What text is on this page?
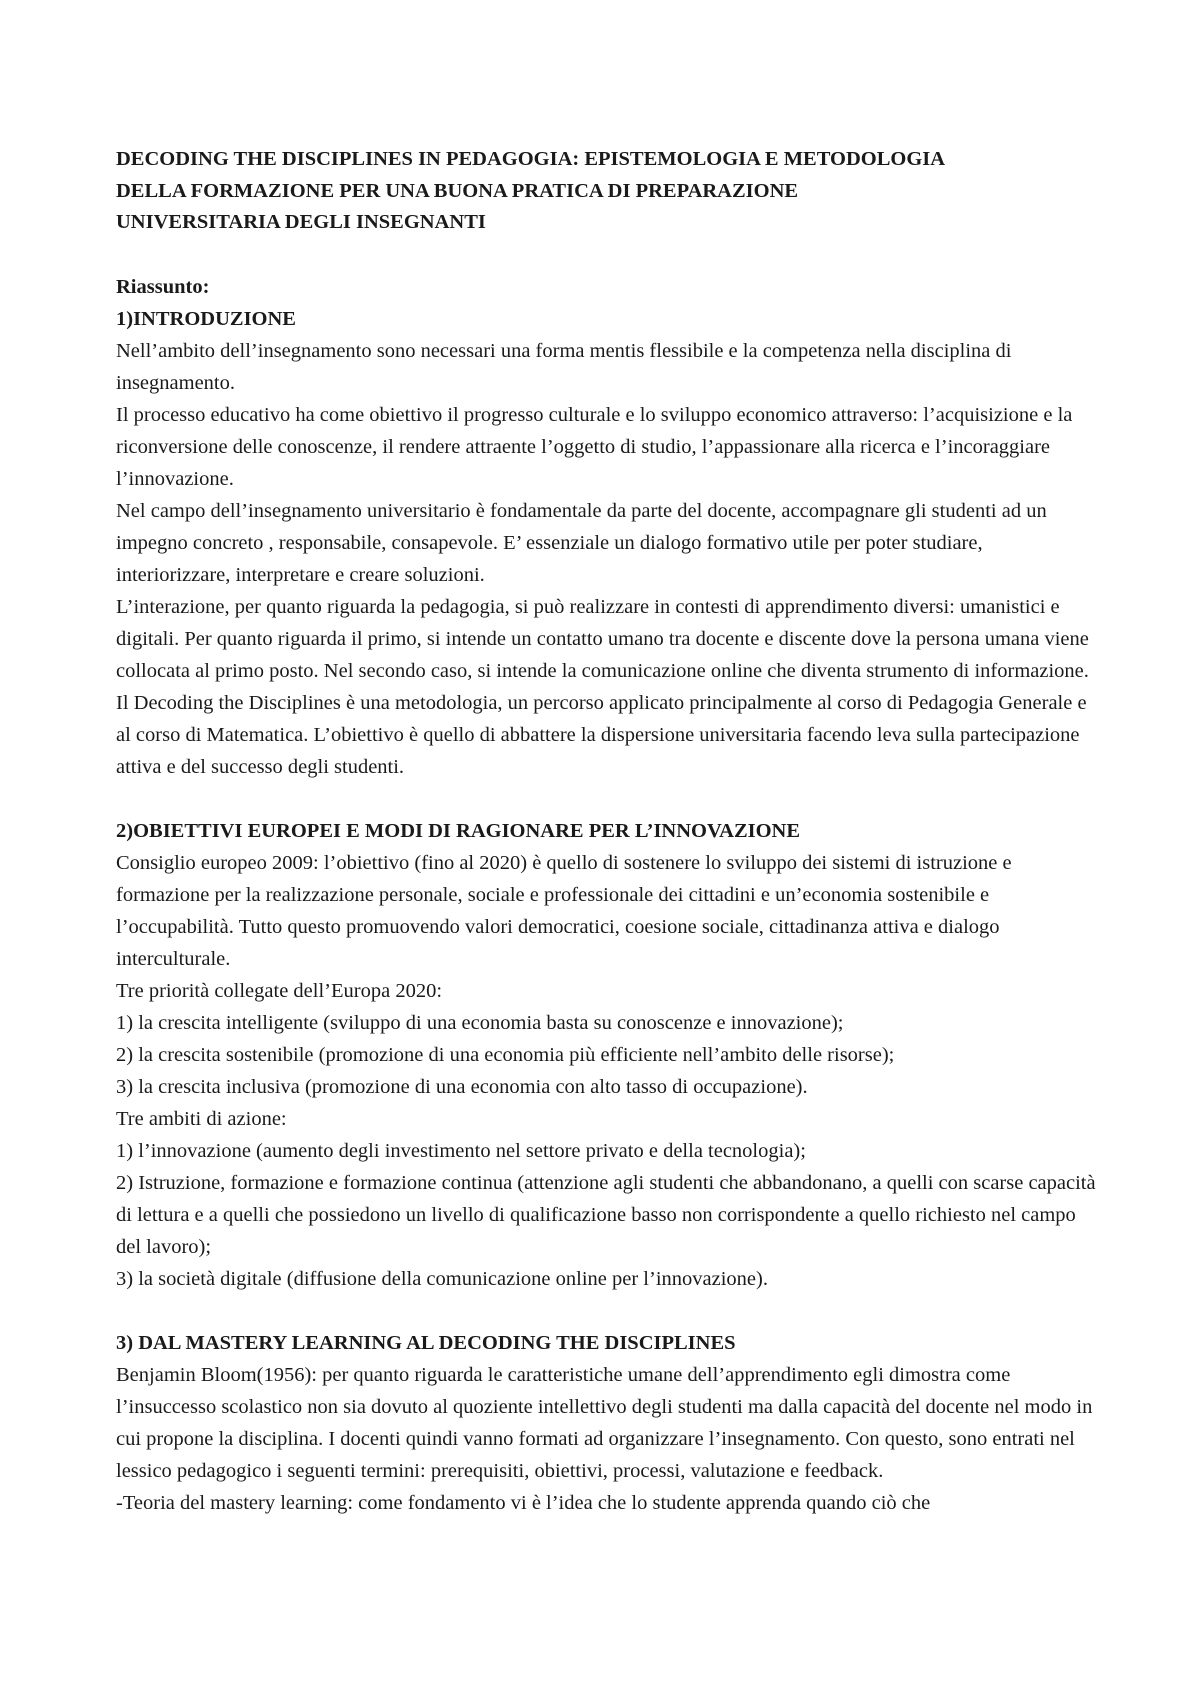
DECODING THE DISCIPLINES IN PEDAGOGIA: EPISTEMOLOGIA E METODOLOGIA DELLA FORMAZIONE PER UNA BUONA PRATICA DI PREPARAZIONE UNIVERSITARIA DEGLI INSEGNANTI

Riassunto:

1)INTRODUZIONE

Nell’ambito dell’insegnamento sono necessari una forma mentis flessibile e la competenza nella disciplina di insegnamento.

Il processo educativo ha come obiettivo il progresso culturale e lo sviluppo economico attraverso: l’acquisizione e la riconversione delle conoscenze, il rendere attraente l’oggetto di studio, l’appassionare alla ricerca e l’incoraggiare l’innovazione.

Nel campo dell’insegnamento universitario è fondamentale da parte del docente, accompagnare gli studenti ad un impegno concreto , responsabile, consapevole. E’ essenziale un dialogo formativo utile per poter studiare, interiorizzare, interpretare e creare soluzioni.

L’interazione, per quanto riguarda la pedagogia, si può realizzare in contesti di apprendimento diversi: umanistici e digitali. Per quanto riguarda il primo, si intende un contatto umano tra docente e discente dove la persona umana viene collocata al primo posto. Nel secondo caso, si intende la comunicazione online che diventa strumento di informazione.

Il Decoding the Disciplines è una metodologia, un percorso applicato principalmente al corso di Pedagogia Generale e al corso di Matematica. L’obiettivo è quello di abbattere la dispersione universitaria facendo leva sulla partecipazione attiva e del successo degli studenti.

2)OBIETTIVI EUROPEI E MODI DI RAGIONARE PER L’INNOVAZIONE

Consiglio europeo 2009: l’obiettivo (fino al 2020) è quello di sostenere lo sviluppo dei sistemi di istruzione e formazione per la realizzazione personale, sociale e professionale dei cittadini e un’economia sostenibile e l’occupabilità. Tutto questo promuovendo valori democratici, coesione sociale, cittadinanza attiva e dialogo interculturale.

Tre priorità collegate dell’Europa 2020:

1) la crescita intelligente (sviluppo di una economia basta su conoscenze e innovazione);

2) la crescita sostenibile (promozione di una economia più efficiente nell’ambito delle risorse);

3) la crescita inclusiva (promozione di una economia con alto tasso di occupazione).

Tre ambiti di azione:

1) l’innovazione (aumento degli investimento nel settore privato e della tecnologia);

2) Istruzione, formazione e formazione continua (attenzione agli studenti che abbandonano, a quelli con scarse capacità di lettura e a quelli che possiedono un livello di qualificazione basso non corrispondente a quello richiesto nel campo del lavoro);

3) la società digitale (diffusione della comunicazione online per l’innovazione).

3) DAL MASTERY LEARNING AL DECODING THE DISCIPLINES

Benjamin Bloom(1956): per quanto riguarda le caratteristiche umane dell’apprendimento egli dimostra come l’insuccesso scolastico non sia dovuto al quoziente intellettivo degli studenti ma dalla capacità del docente nel modo in cui propone la disciplina. I docenti quindi vanno formati ad organizzare l’insegnamento. Con questo, sono entrati nel lessico pedagogico i seguenti termini: prerequisiti, obiettivi, processi, valutazione e feedback.

-Teoria del mastery learning: come fondamento vi è l’idea che lo studente apprenda quando ciò che
